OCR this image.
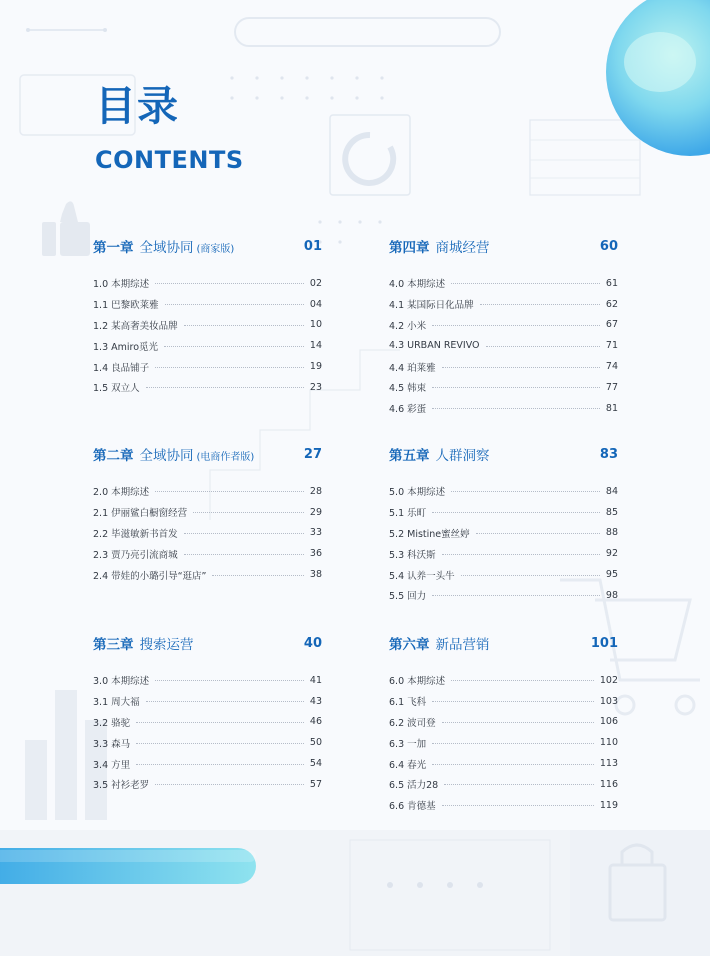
目录
CONTENTS
第一章 全域协同 (商家版)	01
1.0 本期综述	02
1.1 巴黎欧莱雅	04
1.2 某高奢美妆品牌	10
1.3 Amiro觅光	14
1.4 良品铺子	19
1.5 双立人	23
第四章 商城经营	60
4.0 本期综述	61
4.1 某国际日化品牌	62
4.2 小米	67
4.3 URBAN REVIVO	71
4.4 珀莱雅	74
4.5 韩束	77
4.6 彩蛋	81
第二章 全域协同 (电商作者版)	27
2.0 本期综述	28
2.1 伊丽鲨白橱窗经营	29
2.2 毕滋敏新书首发	33
2.3 贾乃亮引流商城	36
2.4 带娃的小璐引导“逛店”	38
第五章 人群洞察	83
5.0 本期综述	84
5.1 乐町	85
5.2 Mistine蜜丝婷	88
5.3 科沃斯	92
5.4 认养一头牛	95
5.5 回力	98
第三章 搜索运营	40
3.0 本期综述	41
3.1 周大福	43
3.2 骆驼	46
3.3 森马	50
3.4 方里	54
3.5 衬衫老罗	57
第六章 新品营销	101
6.0 本期综述	102
6.1 飞科	103
6.2 波司登	106
6.3 一加	110
6.4 春光	113
6.5 活力28	116
6.6 肯德基	119
